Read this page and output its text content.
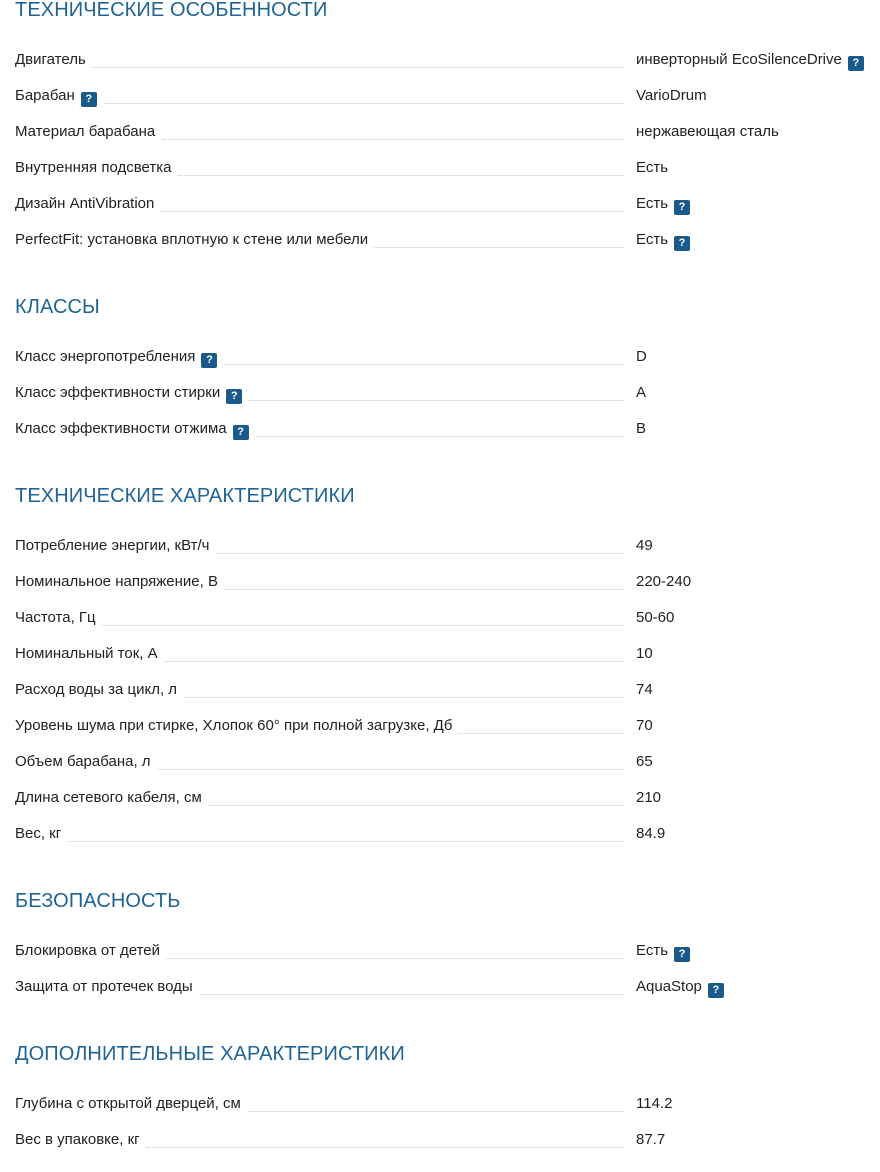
ТЕХНИЧЕСКИЕ ОСОБЕННОСТИ
Двигатель	инверторный EcoSilenceDrive ?
Барабан ?	VarioDrum
Материал барабана	нержавеющая сталь
Внутренняя подсветка	Есть
Дизайн AntiVibration	Есть ?
PerfectFit: установка вплотную к стене или мебели	Есть ?
КЛАССЫ
Класс энергопотребления ?	D
Класс эффективности стирки ?	A
Класс эффективности отжима ?	B
ТЕХНИЧЕСКИЕ ХАРАКТЕРИСТИКИ
Потребление энергии, кВт/ч	49
Номинальное напряжение, В	220-240
Частота, Гц	50-60
Номинальный ток, А	10
Расход воды за цикл, л	74
Уровень шума при стирке, Хлопок 60° при полной загрузке, Дб	70
Объем барабана, л	65
Длина сетевого кабеля, см	210
Вес, кг	84.9
БЕЗОПАСНОСТЬ
Блокировка от детей	Есть ?
Защита от протечек воды	AquaStop ?
ДОПОЛНИТЕЛЬНЫЕ ХАРАКТЕРИСТИКИ
Глубина с открытой дверцей, см	114.2
Вес в упаковке, кг	87.7
